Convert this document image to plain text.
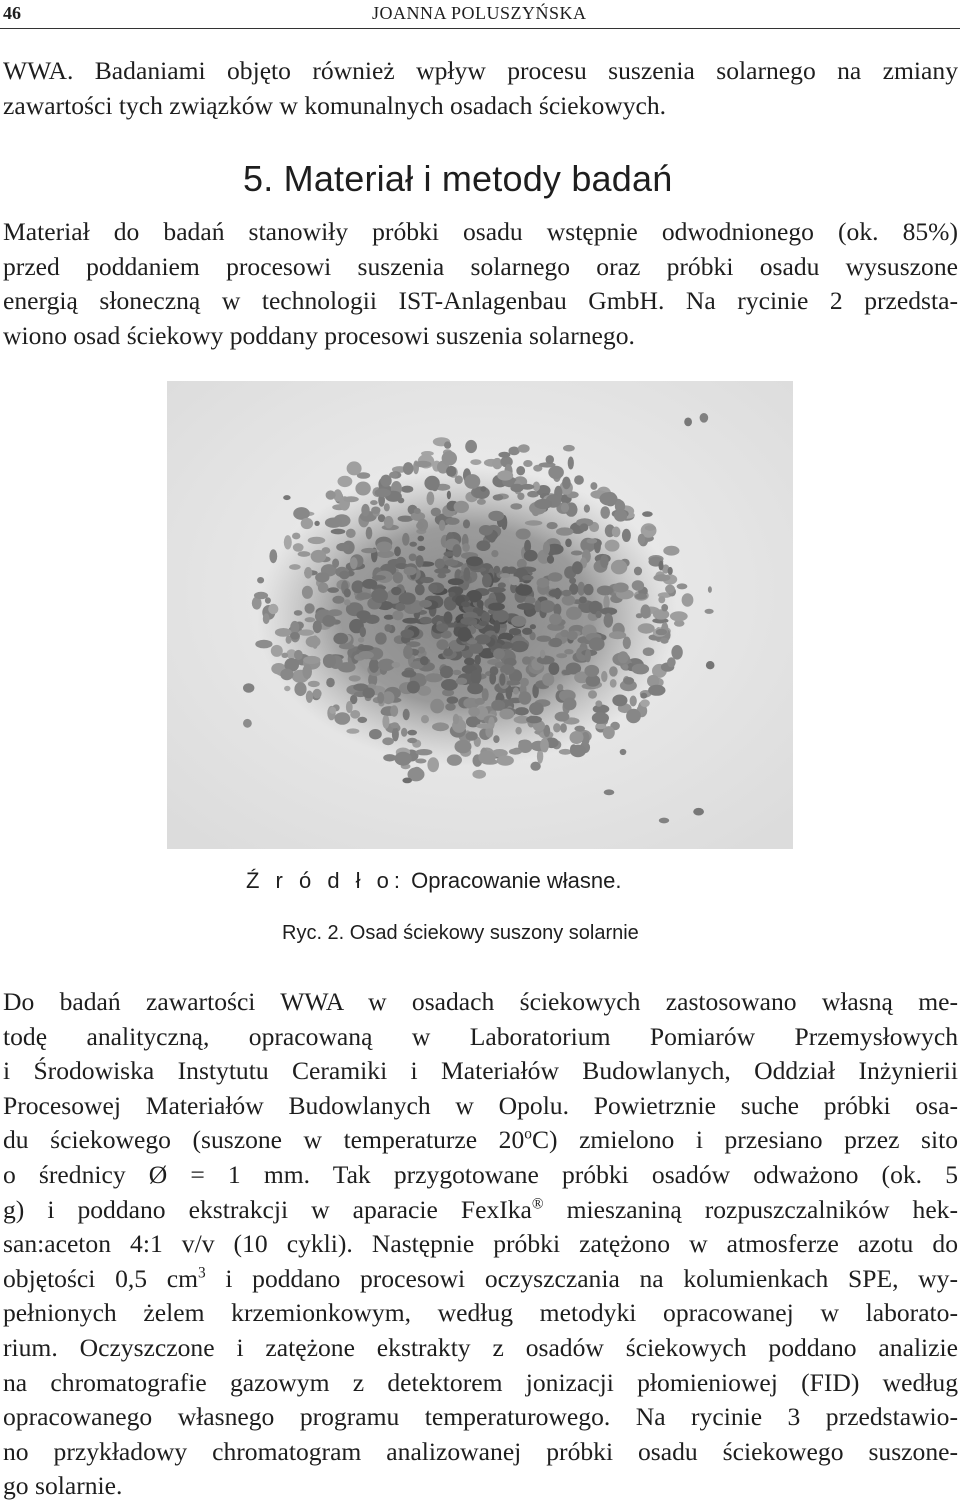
46	JOANNA POLUSZYŃSKA

WWA. Badaniami objęto również wpływ procesu suszenia solarnego na zmiany
zawartości tych związków w komunalnych osadach ściekowych.

5. Materiał i metody badań

Materiał do badań stanowiły próbki osadu wstępnie odwodnionego (ok. 85%)
przed poddaniem procesowi suszenia solarnego oraz próbki osadu wysuszone
energią słoneczną w technologii IST-Anlagenbau GmbH. Na rycinie 2 przedsta-
wiono osad ściekowy poddany procesowi suszenia solarnego.

Ź r ó d ł o: Opracowanie własne.
Ryc. 2. Osad ściekowy suszony solarnie

Do badań zawartości WWA w osadach ściekowych zastosowano własną me-
todę analityczną, opracowaną w Laboratorium Pomiarów Przemysłowych
i Środowiska Instytutu Ceramiki i Materiałów Budowlanych, Oddział Inżynierii
Procesowej Materiałów Budowlanych w Opolu. Powietrznie suche próbki osa-
du ściekowego (suszone w temperaturze 20$^o$C) zmielono i przesiano przez sito
o średnicy Ø = 1 mm. Tak przygotowane próbki osadów odważono (ok. 5
g) i poddano ekstrakcji w aparacie FexIka® mieszaniną rozpuszczalników hek-
san:aceton 4:1 v/v (10 cykli). Następnie próbki zatężono w atmosferze azotu do
objętości 0,5 $cm^3$ i poddano procesowi oczyszczania na kolumienkach SPE, wy-
pełnionych żelem krzemionkowym, według metodyki opracowanej w laborato-
rium. Oczyszczone i zatężone ekstrakty z osadów ściekowych poddano analizie
na chromatografie gazowym z detektorem jonizacji płomieniowej (FID) według
opracowanego własnego programu temperaturowego. Na rycinie 3 przedstawio-
no przykładowy chromatogram analizowanej próbki osadu ściekowego suszone-
go solarnie.
